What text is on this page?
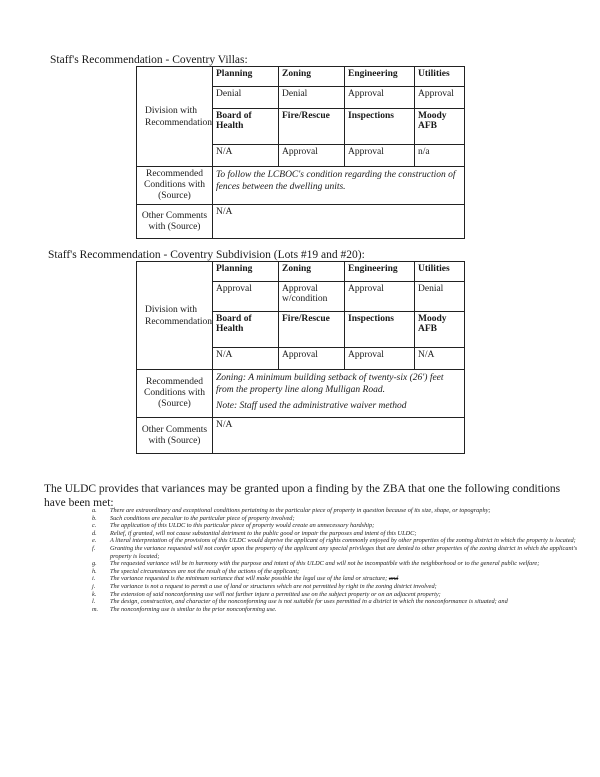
Staff's Recommendation - Coventry Villas:
Division with Recommendation	Planning	Zoning	Engineering	Utilities
	Denial	Denial	Approval	Approval
	Board of Health	Fire/Rescue	Inspections	Moody AFB
	N/A	Approval	Approval	n/a
Recommended Conditions with (Source)	To follow the LCBOC's condition regarding the construction of fences between the dwelling units.			
Other Comments with (Source)	N/A			
Staff's Recommendation - Coventry Subdivision (Lots #19 and #20):
Division with Recommendation	Planning	Zoning	Engineering	Utilities
	Approval	Approval w/condition	Approval	Denial
	Board of Health	Fire/Rescue	Inspections	Moody AFB
	N/A	Approval	Approval	N/A
Recommended Conditions with (Source)	Zoning: A minimum building setback of twenty-six (26') feet from the property line along Mulligan Road.
Note: Staff used the administrative waiver method			

Other Comments with (Source)	N/A			
The ULDC provides that variances may be granted upon a finding by the ZBA that one the following conditions have been met:
a. There are extraordinary and exceptional conditions pertaining to the particular piece of property in question because of its size, shape, or topography;
b. Such conditions are peculiar to the particular piece of property involved;
c. The application of this ULDC to this particular piece of property would create an unnecessary hardship;
d. Relief, if granted, will not cause substantial detriment to the public good or impair the purposes and intent of this ULDC;
e. A literal interpretation of the provisions of this ULDC would deprive the applicant of rights commonly enjoyed by other properties of the zoning district in which the property is located;
f. Granting the variance requested will not confer upon the property of the applicant any special privileges that are denied to other properties of the zoning district in which the applicant's property is located;
g. The requested variance will be in harmony with the purpose and intent of this ULDC and will not be incompatible with the neighborhood or to the general public welfare;
h. The special circumstances are not the result of the actions of the applicant;
i. The variance requested is the minimum variance that will make possible the legal use of the land or structure; and
j. The variance is not a request to permit a use of land or structures which are not permitted by right in the zoning district involved;
k. The extension of said nonconforming use will not further injure a permitted use on the subject property or on an adjacent property;
l. The design, construction, and character of the nonconforming use is not suitable for uses permitted in a district in which the nonconformance is situated; and
m. The nonconforming use is similar to the prior nonconforming use.
